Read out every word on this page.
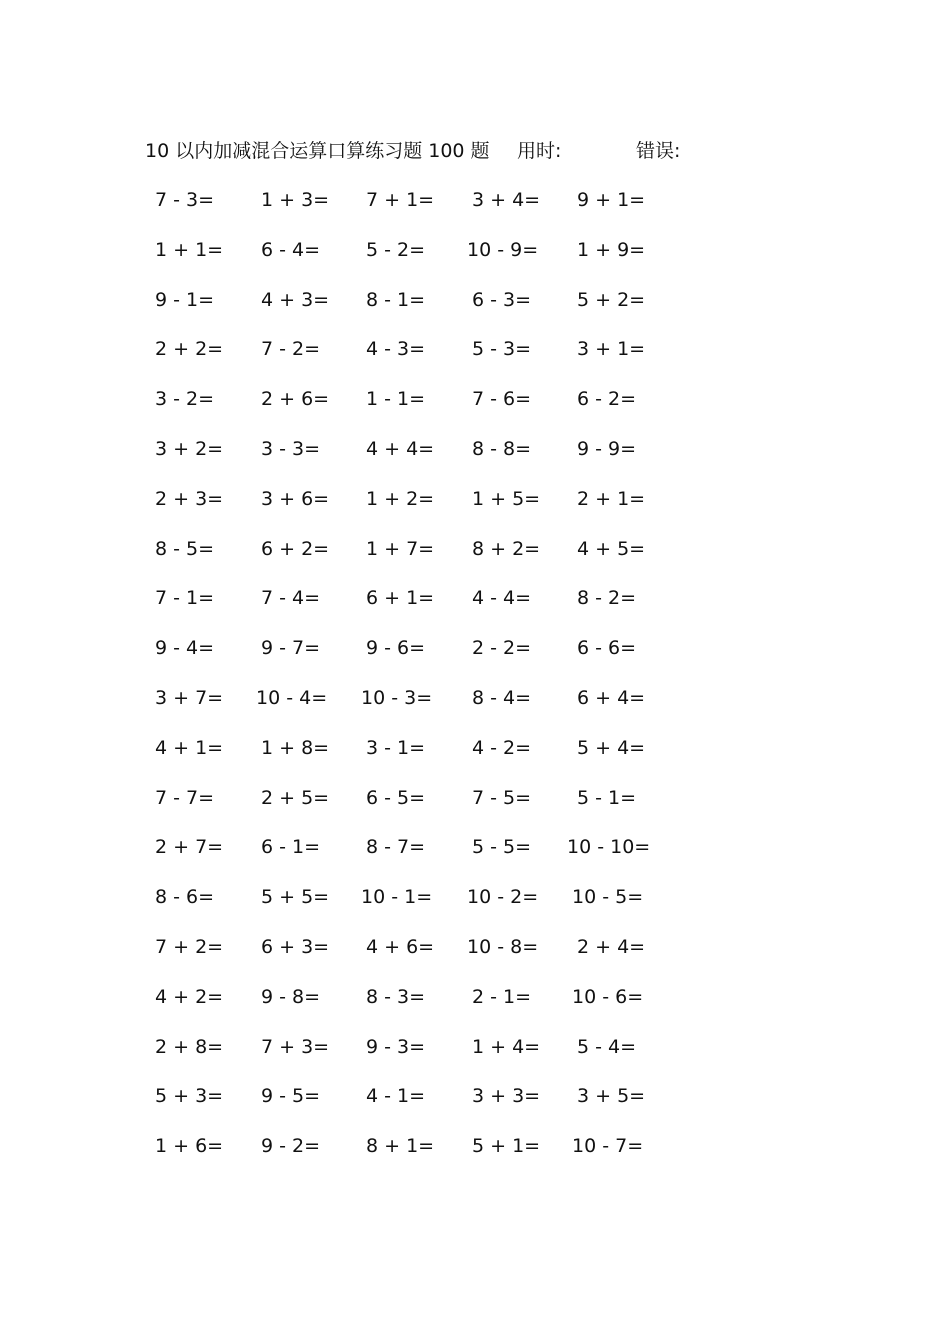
10 以内加减混合运算口算练习题 100 题 用时:	错误:
7 - 3= 1 + 3= 7 + 1= 3 + 4= 9 + 1=
1 + 1= 6 - 4= 5 - 2= 10 - 9= 1 + 9=
9 - 1= 4 + 3= 8 - 1= 6 - 3= 5 + 2=
2 + 2= 7 - 2= 4 - 3= 5 - 3= 3 + 1=
3 - 2= 2 + 6= 1 - 1= 7 - 6= 6 - 2=
3 + 2= 3 - 3= 4 + 4= 8 - 8= 9 - 9=
2 + 3= 3 + 6= 1 + 2= 1 + 5= 2 + 1=
8 - 5= 6 + 2= 1 + 7= 8 + 2= 4 + 5=
7 - 1= 7 - 4= 6 + 1= 4 - 4= 8 - 2=
9 - 4= 9 - 7= 9 - 6= 2 - 2= 6 - 6=
3 + 7= 10 - 4= 10 - 3= 8 - 4= 6 + 4=
4 + 1= 1 + 8= 3 - 1= 4 - 2= 5 + 4=
7 - 7= 2 + 5= 6 - 5= 7 - 5= 5 - 1=
2 + 7= 6 - 1= 8 - 7= 5 - 5= 10 - 10=
8 - 6= 5 + 5= 10 - 1= 10 - 2= 10 - 5=
7 + 2= 6 + 3= 4 + 6= 10 - 8= 2 + 4=
4 + 2= 9 - 8= 8 - 3= 2 - 1= 10 - 6=
2 + 8= 7 + 3= 9 - 3= 1 + 4= 5 - 4=
5 + 3= 9 - 5= 4 - 1= 3 + 3= 3 + 5=
1 + 6= 9 - 2= 8 + 1= 5 + 1= 10 - 7=
